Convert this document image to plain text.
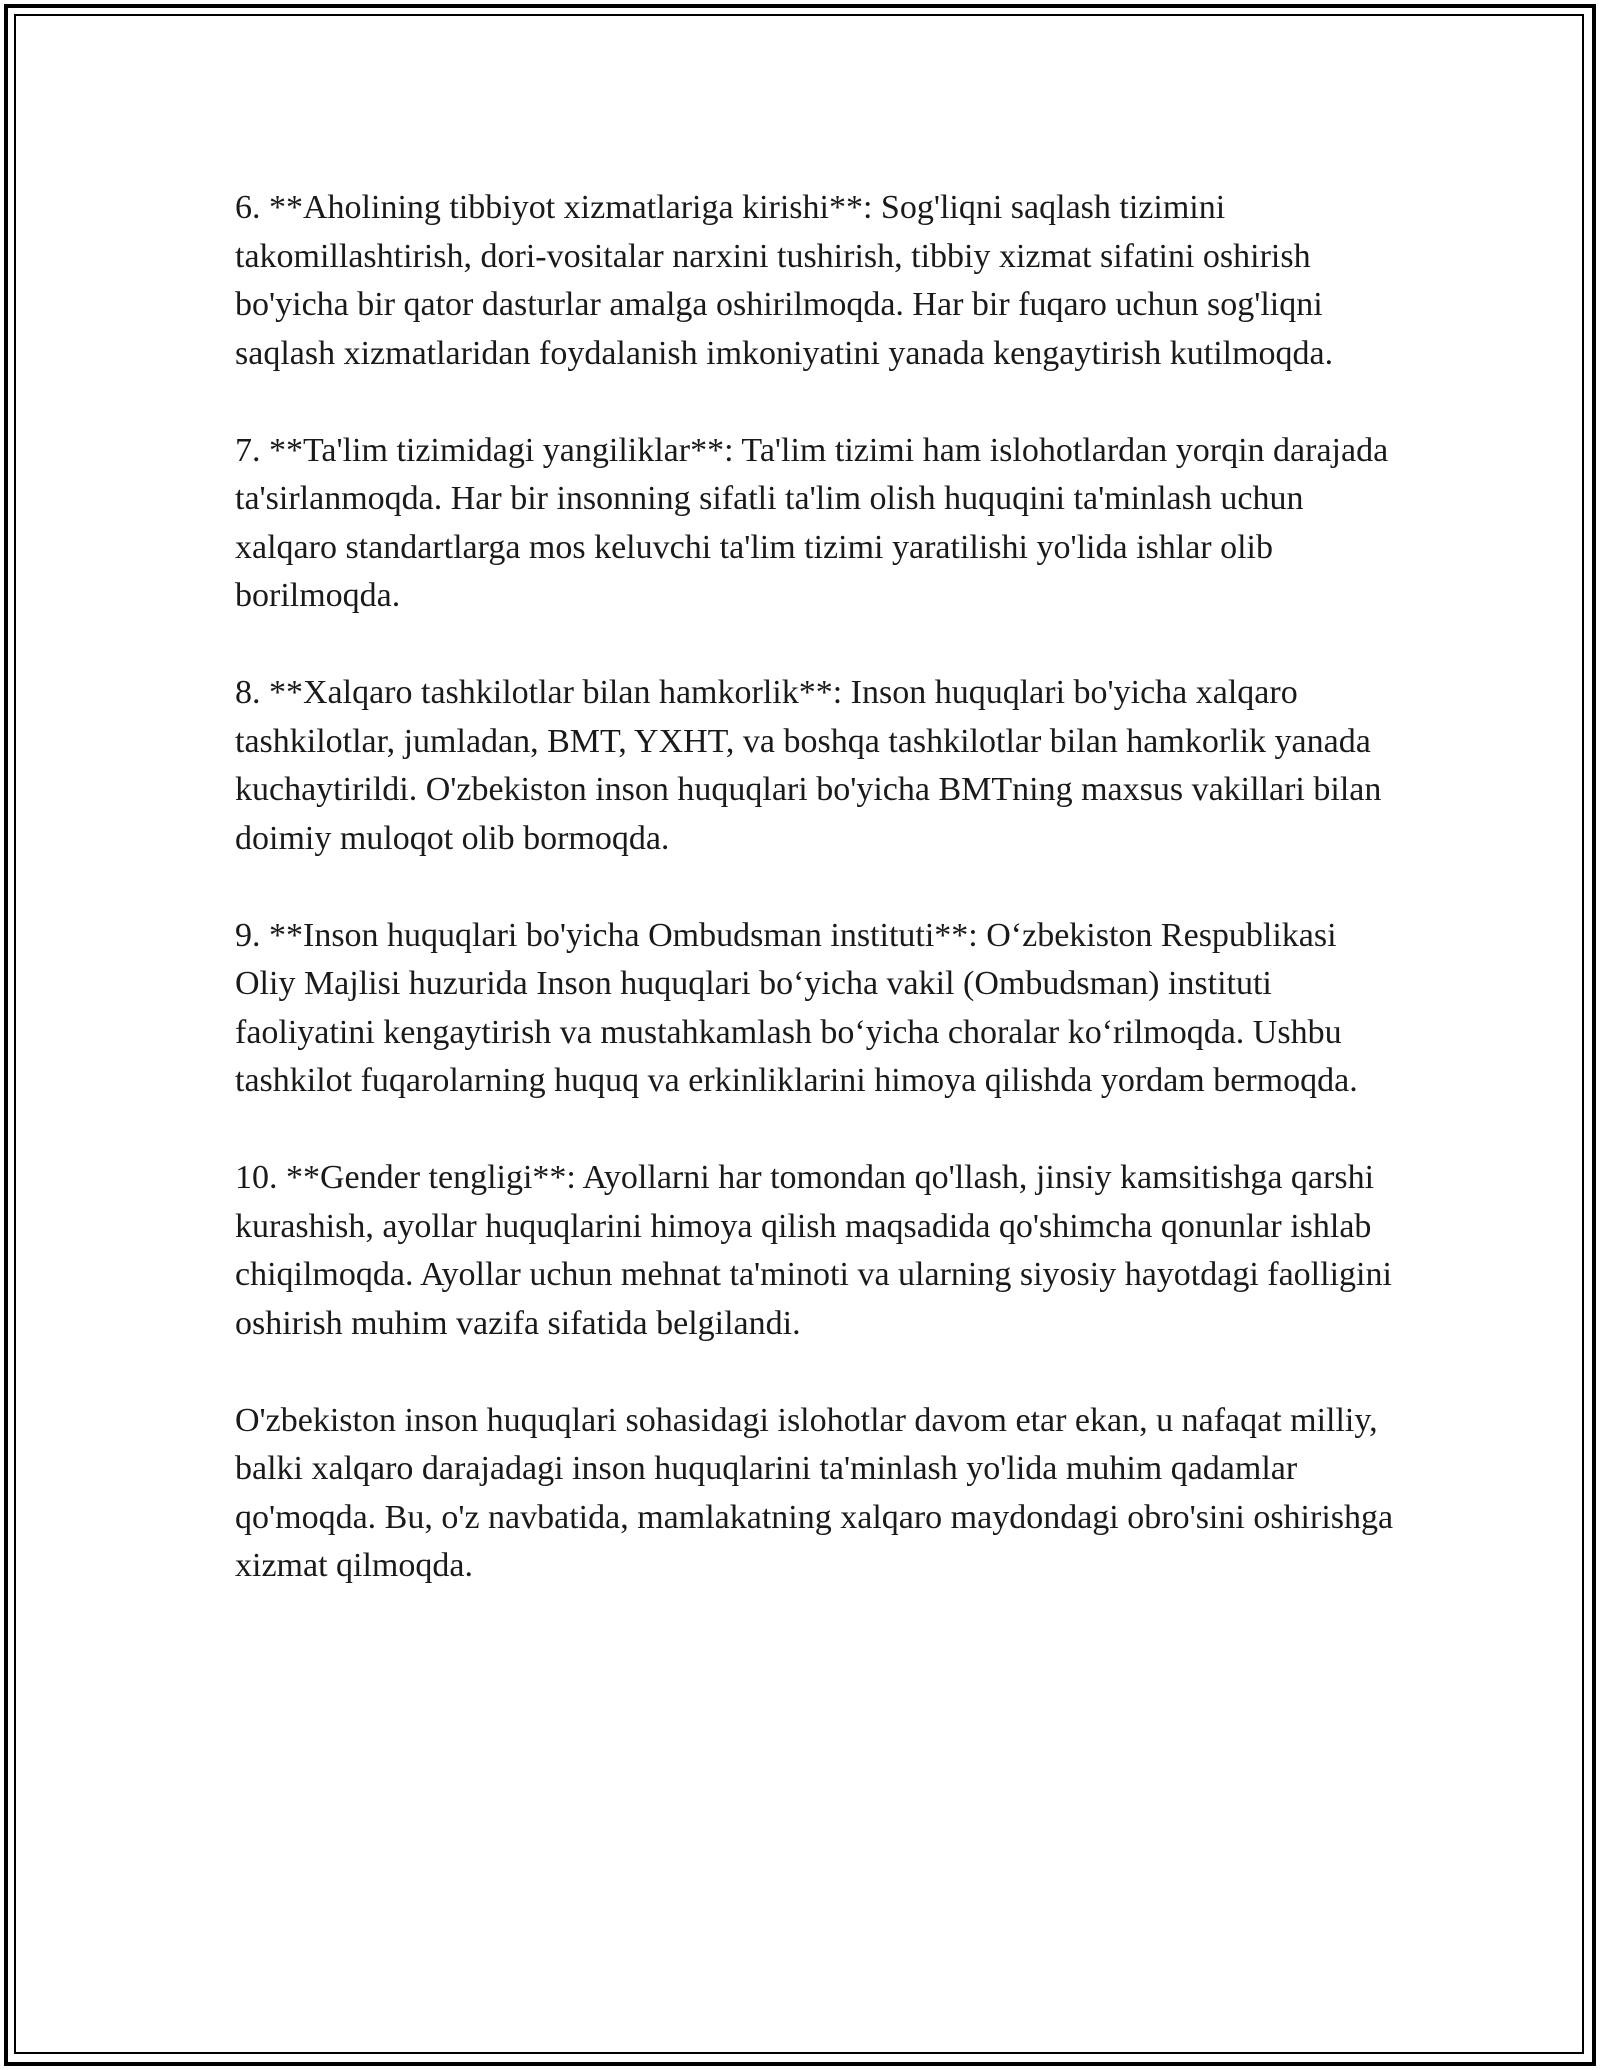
6. **Aholining tibbiyot xizmatlariga kirishi**: Sog'liqni saqlash tizimini takomillashtirish, dori-vositalar narxini tushirish, tibbiy xizmat sifatini oshirish bo'yicha bir qator dasturlar amalga oshirilmoqda. Har bir fuqaro uchun sog'liqni saqlash xizmatlaridan foydalanish imkoniyatini yanada kengaytirish kutilmoqda.

7. **Ta'lim tizimidagi yangiliklar**: Ta'lim tizimi ham islohotlardan yorqin darajada ta'sirlanmoqda. Har bir insonning sifatli ta'lim olish huquqini ta'minlash uchun xalqaro standartlarga mos keluvchi ta'lim tizimi yaratilishi yo'lida ishlar olib borilmoqda.

8. **Xalqaro tashkilotlar bilan hamkorlik**: Inson huquqlari bo'yicha xalqaro tashkilotlar, jumladan, BMT, YXHT, va boshqa tashkilotlar bilan hamkorlik yanada kuchaytirildi. O'zbekiston inson huquqlari bo'yicha BMTning maxsus vakillari bilan doimiy muloqot olib bormoqda.

9. **Inson huquqlari bo'yicha Ombudsman instituti**: O‘zbekiston Respublikasi Oliy Majlisi huzurida Inson huquqlari bo‘yicha vakil (Ombudsman) instituti faoliyatini kengaytirish va mustahkamlash bo‘yicha choralar ko‘rilmoqda. Ushbu tashkilot fuqarolarning huquq va erkinliklarini himoya qilishda yordam bermoqda.

10. **Gender tengligi**: Ayollarni har tomondan qo'llash, jinsiy kamsitishga qarshi kurashish, ayollar huquqlarini himoya qilish maqsadida qo'shimcha qonunlar ishlab chiqilmoqda. Ayollar uchun mehnat ta'minoti va ularning siyosiy hayotdagi faolligini oshirish muhim vazifa sifatida belgilandi.

O'zbekiston inson huquqlari sohasidagi islohotlar davom etar ekan, u nafaqat milliy, balki xalqaro darajadagi inson huquqlarini ta'minlash yo'lida muhim qadamlar qo'moqda. Bu, o'z navbatida, mamlakatning xalqaro maydondagi obro'sini oshirishga xizmat qilmoqda.
